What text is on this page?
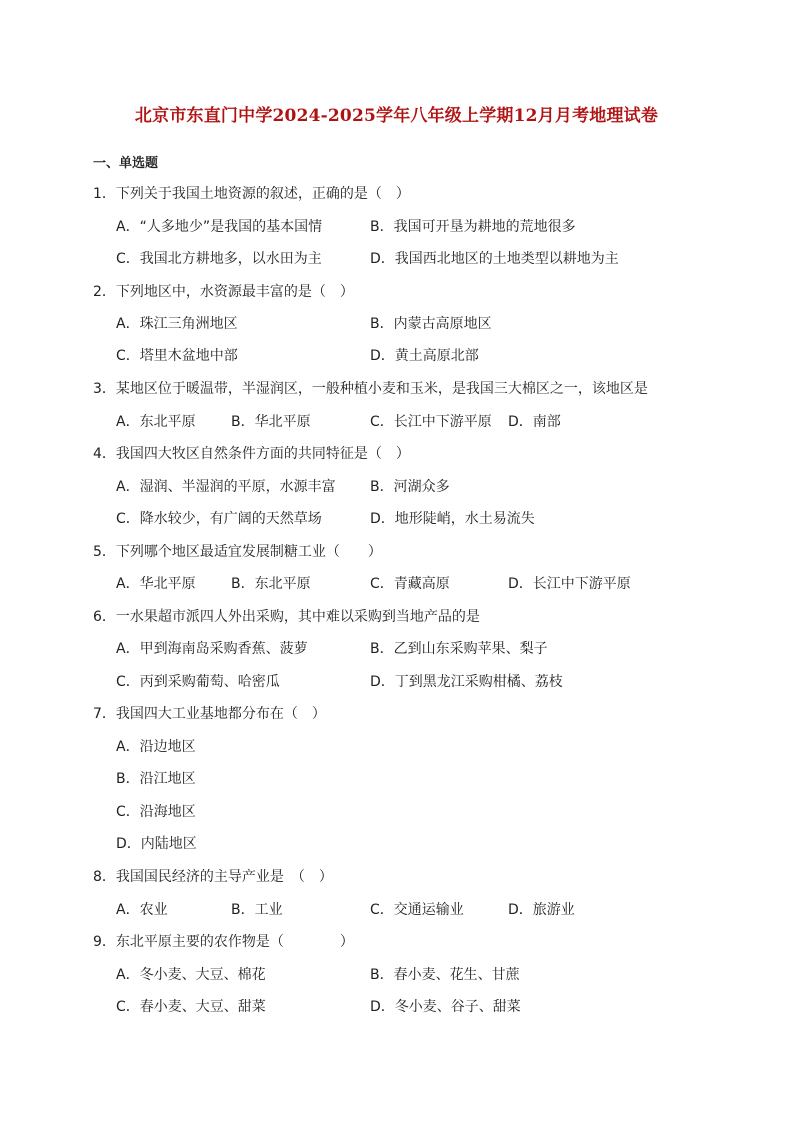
北京市东直门中学2024-2025学年八年级上学期12月月考地理试卷
一、单选题
1．下列关于我国土地资源的叙述，正确的是（　）
A．“人多地少”是我国的基本国情	B．我国可开垦为耕地的荒地很多
C．我国北方耕地多，以水田为主	D．我国西北地区的土地类型以耕地为主
2．下列地区中，水资源最丰富的是（　）
A．珠江三角洲地区	B．内蒙古高原地区
C．塔里木盆地中部	D．黄土高原北部
3．某地区位于暖温带，半湿润区，一般种植小麦和玉米，是我国三大棉区之一，该地区是
A．东北平原	B．华北平原	C．长江中下游平原 D．南部
4．我国四大牧区自然条件方面的共同特征是（　）
A．湿润、半湿润的平原，水源丰富 B．河湖众多
C．降水较少，有广阔的天然草场	D．地形陡峭，水土易流失
5．下列哪个地区最适宜发展制糖工业（　　）
A．华北平原	B．东北平原	C．青藏高原	D．长江中下游平原
6．一水果超市派四人外出采购，其中难以采购到当地产品的是
A．甲到海南岛采购香蕉、菠萝	B．乙到山东采购苹果、梨子
C．丙到采购葡萄、哈密瓜	D．丁到黑龙江采购柑橘、荔枝
7．我国四大工业基地都分布在（　）
A．沿边地区
B．沿江地区
C．沿海地区
D．内陆地区
8．我国国民经济的主导产业是　（　）
A．农业	B．工业	C．交通运输业	D．旅游业
9．东北平原主要的农作物是（　　　　）
A．冬小麦、大豆、棉花	B．春小麦、花生、甘蔗
C．春小麦、大豆、甜菜	D．冬小麦、谷子、甜菜
